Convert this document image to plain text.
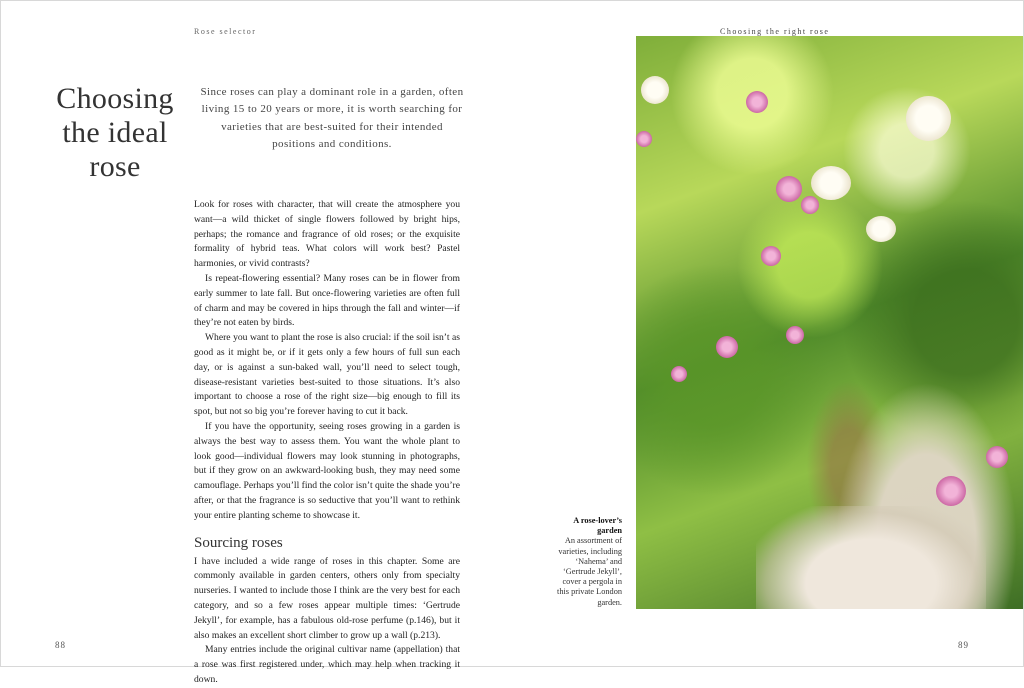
Rose selector
Choosing
the ideal
rose
Since roses can play a dominant role in a garden, often living 15 to 20 years or more, it is worth searching for varieties that are best-suited for their intended positions and conditions.

Look for roses with character, that will create the atmosphere you want—a wild thicket of single flowers followed by bright hips, perhaps; the romance and fragrance of old roses; or the exquisite formality of hybrid teas. What colors will work best? Pastel harmonies, or vivid contrasts?

Is repeat-flowering essential? Many roses can be in flower from early summer to late fall. But once-flowering varieties are often full of charm and may be covered in hips through the fall and winter—if they’re not eaten by birds.

Where you want to plant the rose is also crucial: if the soil isn’t as good as it might be, or if it gets only a few hours of full sun each day, or is against a sun-baked wall, you’ll need to select tough, disease-resistant varieties best-suited to those situations. It’s also important to choose a rose of the right size—big enough to fill its spot, but not so big you’re forever having to cut it back.

If you have the opportunity, seeing roses growing in a garden is always the best way to assess them. You want the whole plant to look good—individual flowers may look stunning in photographs, but if they grow on an awkward-looking bush, they may need some camouflage. Perhaps you’ll find the color isn’t quite the shade you’re after, or that the fragrance is so seductive that you’ll want to rethink your entire planting scheme to showcase it.

Sourcing roses

I have included a wide range of roses in this chapter. Some are commonly available in garden centers, others only from specialty nurseries. I wanted to include those I think are the very best for each category, and so a few roses appear multiple times: ‘Gertrude Jekyll’, for example, has a fabulous old-rose perfume (p.146), but it also makes an excellent short climber to grow up a wall (p.213).

Many entries include the original cultivar name (appellation) that a rose was first registered under, which may help when tracking it down.

A rose-lover’s garden
An assortment of varieties, including ‘Nahema’ and ‘Gertrude Jekyll’, cover a pergola in this private London garden.
Choosing the right rose
88	89
